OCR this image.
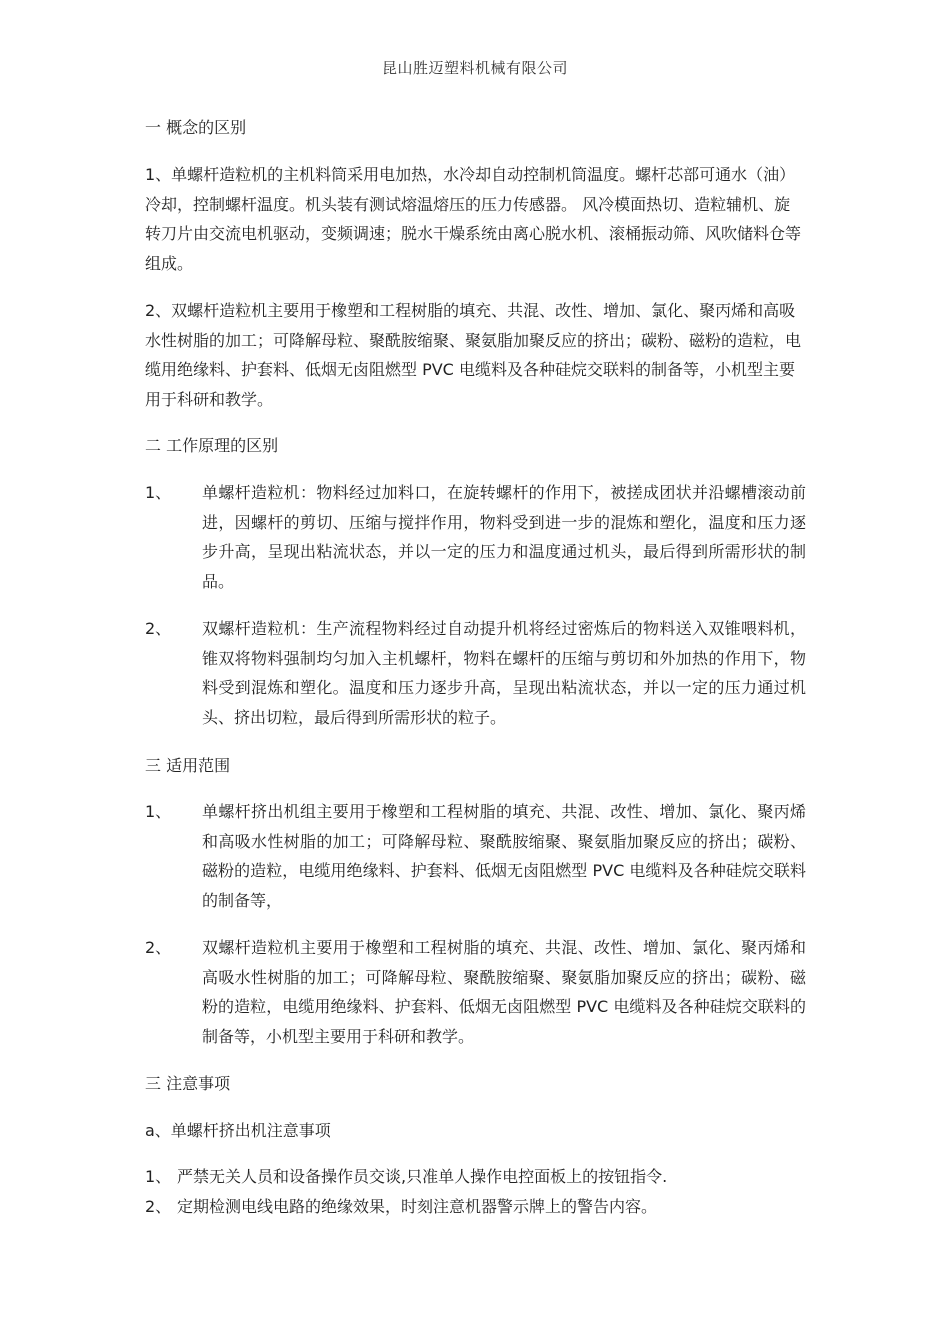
昆山胜迈塑料机械有限公司
一 概念的区别
1、单螺杆造粒机的主机料筒采用电加热，水冷却自动控制机筒温度。螺杆芯部可通水（油）冷却，控制螺杆温度。机头装有测试熔温熔压的压力传感器。 风冷模面热切、造粒辅机、旋转刀片由交流电机驱动，变频调速；脱水干燥系统由离心脱水机、滚桶振动筛、风吹储料仓等组成。
2、双螺杆造粒机主要用于橡塑和工程树脂的填充、共混、改性、增加、氯化、聚丙烯和高吸水性树脂的加工；可降解母粒、聚酰胺缩聚、聚氨脂加聚反应的挤出；碳粉、磁粉的造粒，电缆用绝缘料、护套料、低烟无卤阻燃型 PVC 电缆料及各种硅烷交联料的制备等，小机型主要用于科研和教学。
二 工作原理的区别
1、 单螺杆造粒机：物料经过加料口，在旋转螺杆的作用下，被搓成团状并沿螺槽滚动前进，因螺杆的剪切、压缩与搅拌作用，物料受到进一步的混炼和塑化，温度和压力逐步升高，呈现出粘流状态，并以一定的压力和温度通过机头，最后得到所需形状的制品。
2、 双螺杆造粒机：生产流程物料经过自动提升机将经过密炼后的物料送入双锥喂料机，锥双将物料强制均匀加入主机螺杆，物料在螺杆的压缩与剪切和外加热的作用下，物料受到混炼和塑化。温度和压力逐步升高，呈现出粘流状态，并以一定的压力通过机头、挤出切粒，最后得到所需形状的粒子。
三 适用范围
1、 单螺杆挤出机组主要用于橡塑和工程树脂的填充、共混、改性、增加、氯化、聚丙烯和高吸水性树脂的加工；可降解母粒、聚酰胺缩聚、聚氨脂加聚反应的挤出；碳粉、磁粉的造粒，电缆用绝缘料、护套料、低烟无卤阻燃型 PVC 电缆料及各种硅烷交联料的制备等，
2、 双螺杆造粒机主要用于橡塑和工程树脂的填充、共混、改性、增加、氯化、聚丙烯和高吸水性树脂的加工；可降解母粒、聚酰胺缩聚、聚氨脂加聚反应的挤出；碳粉、磁粉的造粒，电缆用绝缘料、护套料、低烟无卤阻燃型 PVC 电缆料及各种硅烷交联料的制备等，小机型主要用于科研和教学。
三 注意事项
a、单螺杆挤出机注意事项
1、 严禁无关人员和设备操作员交谈,只准单人操作电控面板上的按钮指令.
2、 定期检测电线电路的绝缘效果，时刻注意机器警示牌上的警告内容。
